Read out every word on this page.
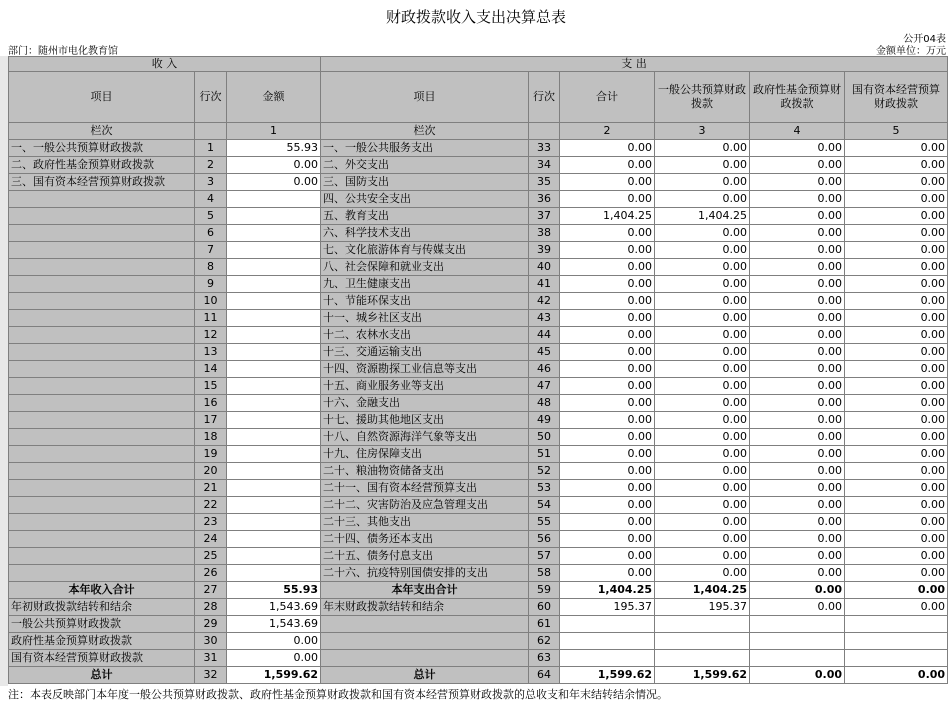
财政拨款收入支出决算总表
公开04表
部门：随州市电化教育馆	金额单位：万元
收 入			支 出					
项目	行次	金额	项目	行次	合计	一般公共预算财政拨款	政府性基金预算财政拨款	国有资本经营预算财政拨款
栏次		1	栏次		2	3	4	5
一、一般公共预算财政拨款	1	55.93	一、一般公共服务支出	33	0.00	0.00	0.00	0.00
二、政府性基金预算财政拨款	2	0.00	二、外交支出	34	0.00	0.00	0.00	0.00
三、国有资本经营预算财政拨款	3	0.00	三、国防支出	35	0.00	0.00	0.00	0.00
	4		四、公共安全支出	36	0.00	0.00	0.00	0.00
	5		五、教育支出	37	1,404.25	1,404.25	0.00	0.00
	6		六、科学技术支出	38	0.00	0.00	0.00	0.00
	7		七、文化旅游体育与传媒支出	39	0.00	0.00	0.00	0.00
	8		八、社会保障和就业支出	40	0.00	0.00	0.00	0.00
	9		九、卫生健康支出	41	0.00	0.00	0.00	0.00
	10		十、节能环保支出	42	0.00	0.00	0.00	0.00
	11		十一、城乡社区支出	43	0.00	0.00	0.00	0.00
	12		十二、农林水支出	44	0.00	0.00	0.00	0.00
	13		十三、交通运输支出	45	0.00	0.00	0.00	0.00
	14		十四、资源勘探工业信息等支出	46	0.00	0.00	0.00	0.00
	15		十五、商业服务业等支出	47	0.00	0.00	0.00	0.00
	16		十六、金融支出	48	0.00	0.00	0.00	0.00
	17		十七、援助其他地区支出	49	0.00	0.00	0.00	0.00
	18		十八、自然资源海洋气象等支出	50	0.00	0.00	0.00	0.00
	19		十九、住房保障支出	51	0.00	0.00	0.00	0.00
	20		二十、粮油物资储备支出	52	0.00	0.00	0.00	0.00
	21		二十一、国有资本经营预算支出	53	0.00	0.00	0.00	0.00
	22		二十二、灾害防治及应急管理支出	54	0.00	0.00	0.00	0.00
	23		二十三、其他支出	55	0.00	0.00	0.00	0.00
	24		二十四、债务还本支出	56	0.00	0.00	0.00	0.00
	25		二十五、债务付息支出	57	0.00	0.00	0.00	0.00
	26		二十六、抗疫特别国债安排的支出	58	0.00	0.00	0.00	0.00
本年收入合计	27	55.93	本年支出合计	59	1,404.25	1,404.25	0.00	0.00
年初财政拨款结转和结余	28	1,543.69	年末财政拨款结转和结余	60	195.37	195.37	0.00	0.00
一般公共预算财政拨款	29	1,543.69		61				
政府性基金预算财政拨款	30	0.00		62				
国有资本经营预算财政拨款	31	0.00		63				
总计	32	1,599.62	总计	64	1,599.62	1,599.62	0.00	0.00
注：本表反映部门本年度一般公共预算财政拨款、政府性基金预算财政拨款和国有资本经营预算财政拨款的总收支和年末结转结余情况。
